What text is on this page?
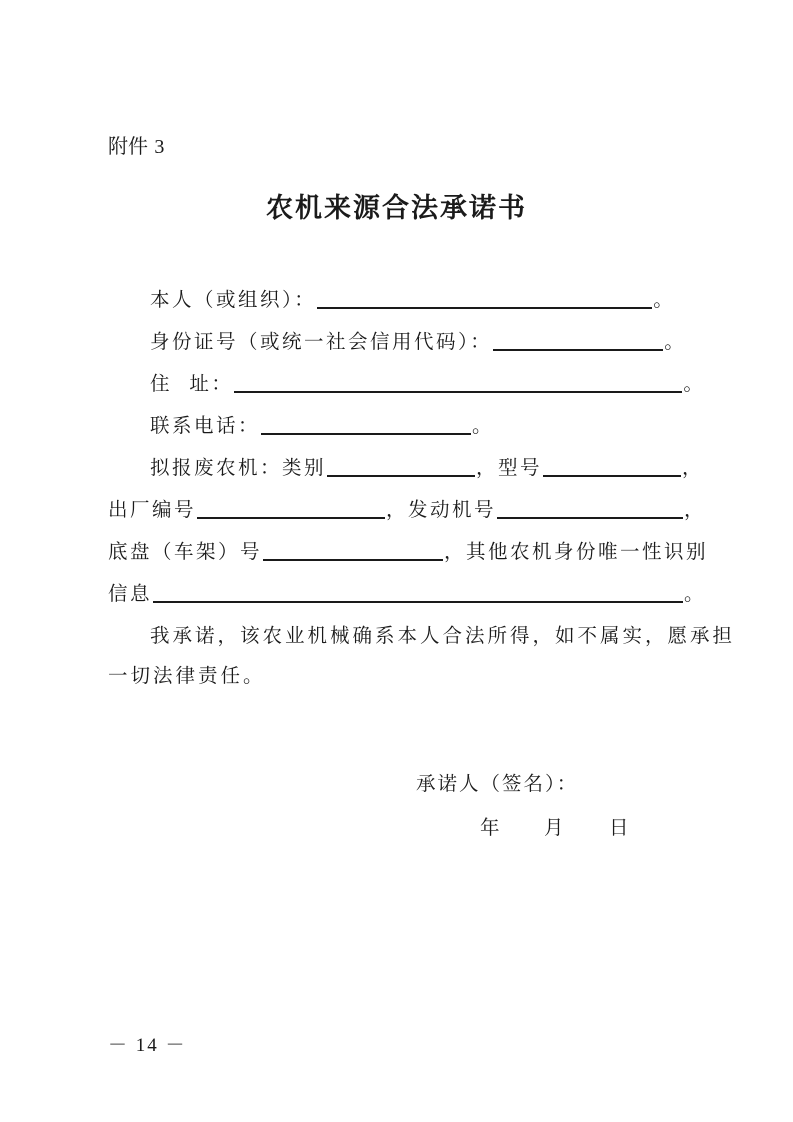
附件 3
农机来源合法承诺书
本人（或组织）：	。
身份证号（或统一社会信用代码）：	。
住  址：	。
联系电话：	。
拟报废农机：类别	，型号	，
出厂编号	，发动机号	，
底盘（车架）号	，其他农机身份唯一性识别
信息	。
我承诺，该农业机械确系本人合法所得，如不属实，愿承担
一切法律责任。
承诺人（签名）：
年 月 日
－ 14 －
